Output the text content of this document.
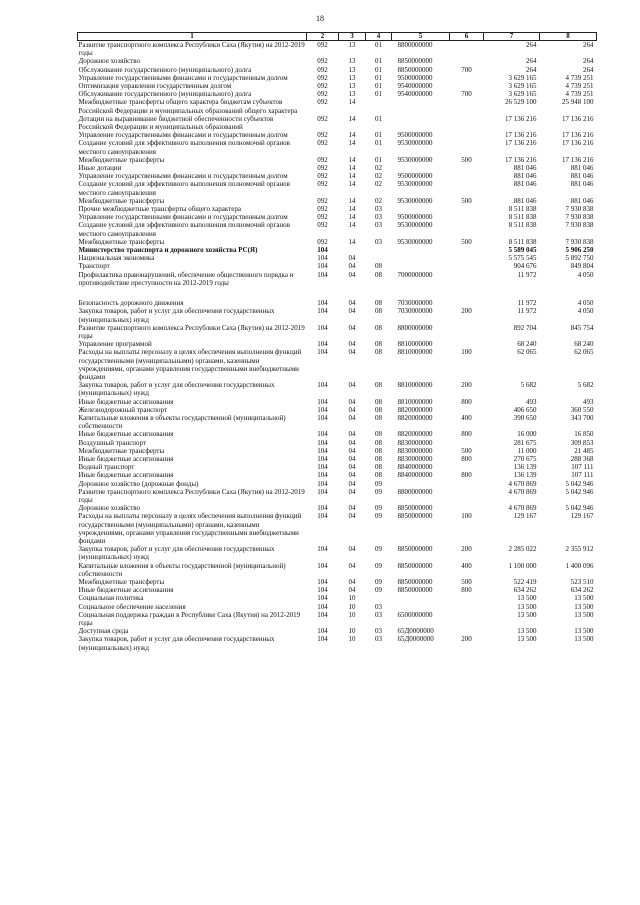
18
1	2	3	4	5	6	7	8
Развитие транспортного комплекса Республики Саха (Якутия) на 2012-2019 годы	092	13	01	8800000000		264	264
Дорожное хозяйство	092	13	01	8850000000		264	264
Обслуживание государственного (муниципального) долга	092	13	01	8850000000	700	264	264
Управление государственными финансами и государственным долгом	092	13	01	9500000000		3 629 165	4 739 251
Оптимизация управления государственным долгом	092	13	01	9540000000		3 629 165	4 739 251
Обслуживание государственного (муниципального) долга	092	13	01	9540000000	700	3 629 165	4 739 251
Межбюджетные трансферты общего характера бюджетам субъектов Российской Федерации и муниципальных образований общего характера	092	14				26 529 100	25 948 100
Дотации на выравнивание бюджетной обеспеченности субъектов Российской Федерации и муниципальных образований	092	14	01			17 136 216	17 136 216
Управление государственными финансами и государственным долгом	092	14	01	9500000000		17 136 216	17 136 216
Создание условий для эффективного выполнения полномочий органов местного самоуправления	092	14	01	9530000000		17 136 216	17 136 216
Межбюджетные трансферты	092	14	01	9530000000	500	17 136 216	17 136 216
Иные дотации	092	14	02			881 046	881 046
Управление государственными финансами и государственным долгом	092	14	02	9500000000		881 046	881 046
Создание условий для эффективного выполнения полномочий органов местного самоуправления	092	14	02	9530000000		881 046	881 046
Межбюджетные трансферты	092	14	02	9530000000	500	881 046	881 046
Прочие межбюджетные трансферты общего характера	092	14	03			8 511 838	7 930 838
Управление государственными финансами и государственным долгом	092	14	03	9500000000		8 511 838	7 930 838
Создание условий для эффективного выполнения полномочий органов местного самоуправления	092	14	03	9530000000		8 511 838	7 930 838
Межбюджетные трансферты	092	14	03	9530000000	500	8 511 838	7 930 838
Министерство транспорта и дорожного хозяйства РС(Я)	104					5 589 045	5 906 250
Национальная экономика	104	04				5 575 545	5 892 750
Транспорт	104	04	08			904 676	849 804
Профилактика правонарушений, обеспечение общественного порядка и противодействие преступности на 2012-2019 годы	104	04	08	7000000000		11 972	4 050
Безопасность дорожного движения	104	04	08	7030000000		11 972	4 050
Закупка товаров, работ и услуг для обеспечения государственных (муниципальных) нужд	104	04	08	7030000000	200	11 972	4 050
Развитие транспортного комплекса Республики Саха (Якутия) на 2012-2019 годы	104	04	08	8800000000		892 704	845 754
Управление программой	104	04	08	8810000000		68 240	68 240
Расходы на выплаты персоналу в целях обеспечения выполнения функций государственными (муниципальными) органами, казенными учреждениями, органами управления государственными внебюджетными фондами	104	04	08	8810000000	100	62 065	62 065
Закупка товаров, работ и услуг для обеспечения государственных (муниципальных) нужд	104	04	08	8810000000	200	5 682	5 682
Иные бюджетные ассигнования	104	04	08	8810000000	800	493	493
Железнодорожный транспорт	104	04	08	8820000000		406 650	360 550
Капитальные вложения в объекты государственной (муниципальной) собственности	104	04	08	8820000000	400	390 650	343 700
Иные бюджетные ассигнования	104	04	08	8820000000	800	16 000	16 850
Воздушный транспорт	104	04	08	8830000000		281 675	309 853
Межбюджетные трансферты	104	04	08	8830000000	500	11 000	21 485
Иные бюджетные ассигнования	104	04	08	8830000000	800	270 675	288 368
Водный транспорт	104	04	08	8840000000		136 139	107 111
Иные бюджетные ассигнования	104	04	08	8840000000	800	136 139	107 111
Дорожное хозяйство (дорожные фонды)	104	04	09			4 670 869	5 042 946
Развитие транспортного комплекса Республики Саха (Якутия) на 2012-2019 годы	104	04	09	8800000000		4 670 869	5 042 946
Дорожное хозяйство	104	04	09	8850000000		4 670 869	5 042 946
Расходы на выплаты персоналу в целях обеспечения выполнения функций государственными (муниципальными) органами, казенными учреждениями, органами управления государственными внебюджетными фондами	104	04	09	8850000000	100	129 167	129 167
Закупка товаров, работ и услуг для обеспечения государственных (муниципальных) нужд	104	04	09	8850000000	200	2 285 022	2 355 912
Капитальные вложения в объекты государственной (муниципальной) собственности	104	04	09	8850000000	400	1 100 000	1 400 096
Межбюджетные трансферты	104	04	09	8850000000	500	522 419	523 510
Иные бюджетные ассигнования	104	04	09	8850000000	800	634 262	634 262
Социальная политика	104	10				13 500	13 500
Социальное обеспечение населения	104	10	03			13 500	13 500
Социальная поддержка граждан в Республике Саха (Якутия) на 2012-2019 годы	104	10	03	6500000000		13 500	13 500
Доступная среда	104	10	03	65Д0000000		13 500	13 500
Закупка товаров, работ и услуг для обеспечения государственных (муниципальных) нужд	104	10	03	65Д0000000	200	13 500	13 500
